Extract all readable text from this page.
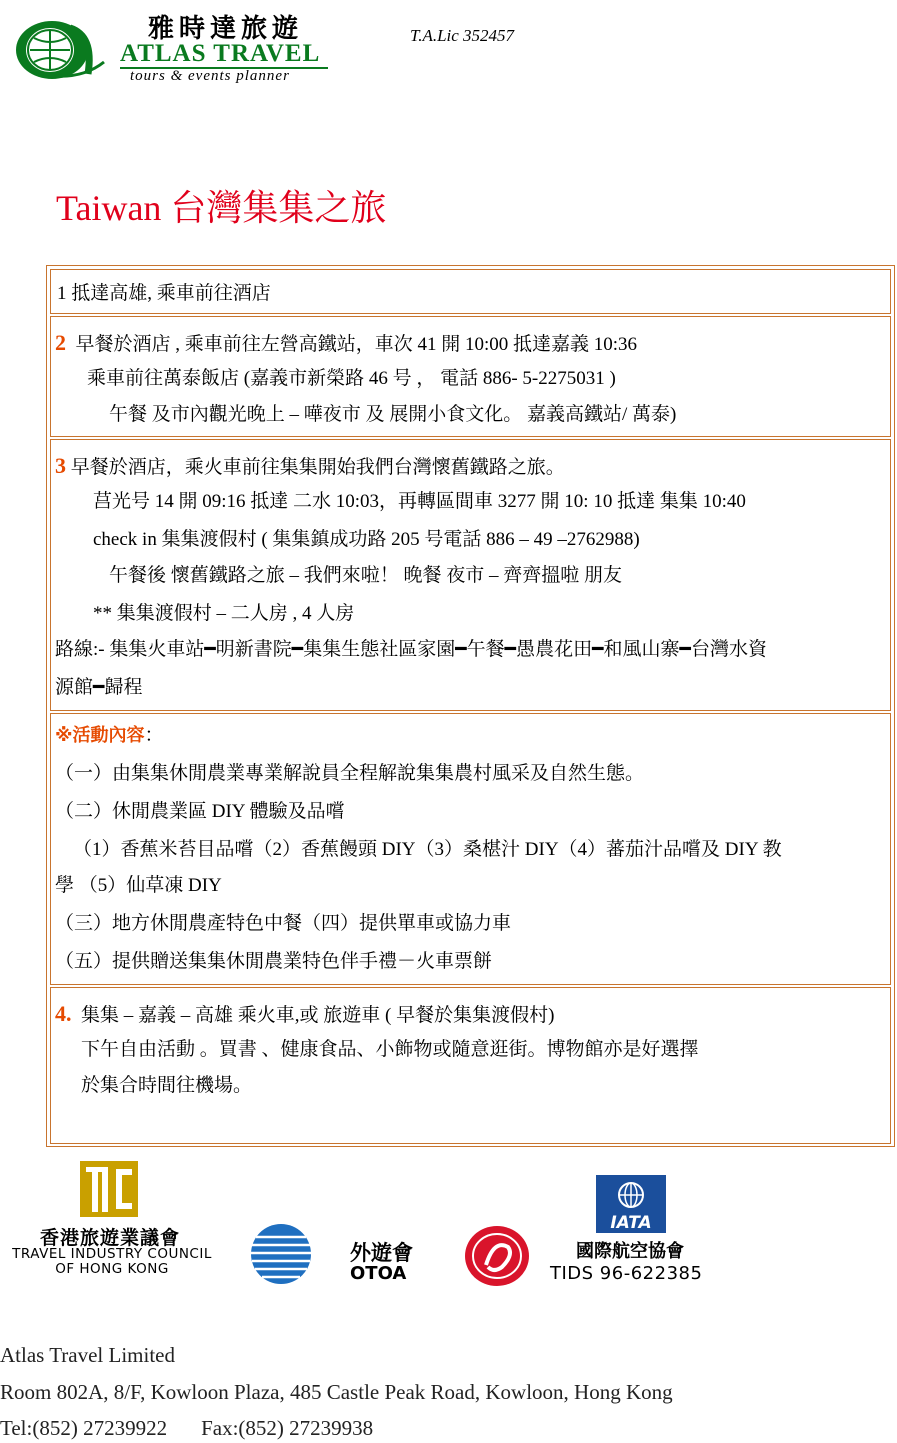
雅時達旅遊
ATLAS TRAVEL
tours & events planner
T.A.Lic 352457
Taiwan 台灣集集之旅
1 抵達高雄, 乘車前往酒店
2 早餐於酒店 , 乘車前往左營高鐵站，車次 41 開 10:00 抵達嘉義 10:36
乘車前往萬泰飯店 (嘉義市新榮路 46 号 ， 電話 886- 5-2275031 )
午餐 及市內觀光晚上 – 嘩夜市 及 展開小食文化。 嘉義高鐵站/ 萬泰)
3 早餐於酒店，乘火車前往集集開始我們台灣懷舊鐵路之旅。
莒光号 14 開 09:16 抵達 二水 10:03，再轉區間車 3277 開 10: 10 抵達 集集 10:40
check in 集集渡假村 ( 集集鎮成功路 205 号電話 886 – 49 –2762988)
午餐後 懷舊鐵路之旅 – 我們來啦！ 晚餐 夜市 – 齊齊搵啦 朋友
** 集集渡假村 – 二人房 , 4 人房
路線:- 集集火車站━明新書院━集集生態社區家園━午餐━愚農花田━和風山寨━台灣水資
源館━歸程
※活動內容：
（一）由集集休閒農業專業解說員全程解說集集農村風采及自然生態。
（二）休閒農業區 DIY 體驗及品嚐
（1）香蕉米苔目品嚐（2）香蕉饅頭 DIY（3）桑椹汁 DIY（4）蕃茄汁品嚐及 DIY 教
學 （5）仙草凍 DIY
（三）地方休閒農產特色中餐（四）提供單車或協力車
（五）提供贈送集集休閒農業特色伴手禮－火車票餅
4. 集集 – 嘉義 – 高雄 乘火車,或 旅遊車 ( 早餐於集集渡假村)
下午自由活動 。買書 、健康食品、小飾物或隨意逛街。博物館亦是好選擇
於集合時間往機場。
香港旅遊業議會
TRAVEL INDUSTRY COUNCIL
OF HONG KONG
外遊會
OTOA
IATA
國際航空協會
TIDS 96-622385
Atlas Travel Limited
Room 802A, 8/F, Kowloon Plaza, 485 Castle Peak Road, Kowloon, Hong Kong
Tel:(852) 27239922 Fax:(852) 27239938
